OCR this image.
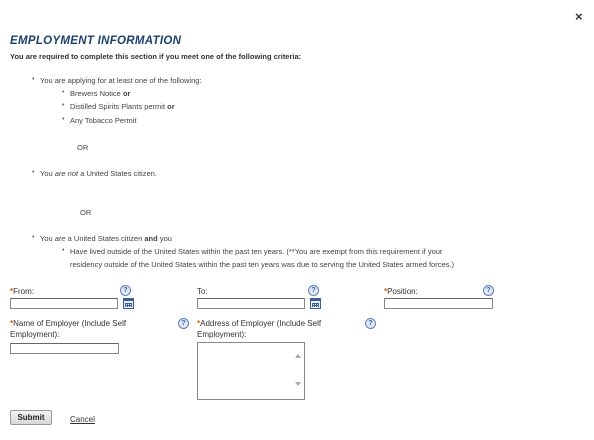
×
EMPLOYMENT INFORMATION
You are required to complete this section if you meet one of the following criteria:
• You are applying for at least one of the following:
• Brewers Notice or
• Distilled Spirits Plants permit or
• Any Tobacco Permit
OR
• You are not a United States citizen.
OR
• You are a United States citizen and you
• Have lived outside of the United States within the past ten years. (**You are exempt from this requirement if your
residency outside of the United States within the past ten years was due to serving the United States armed forces.)
*From:	?	To:	?	*Position:	?
*Name of Employer (Include Self
Employment):
?	*Address of Employer (Include Self
Employment):
?
Submit	Cancel
